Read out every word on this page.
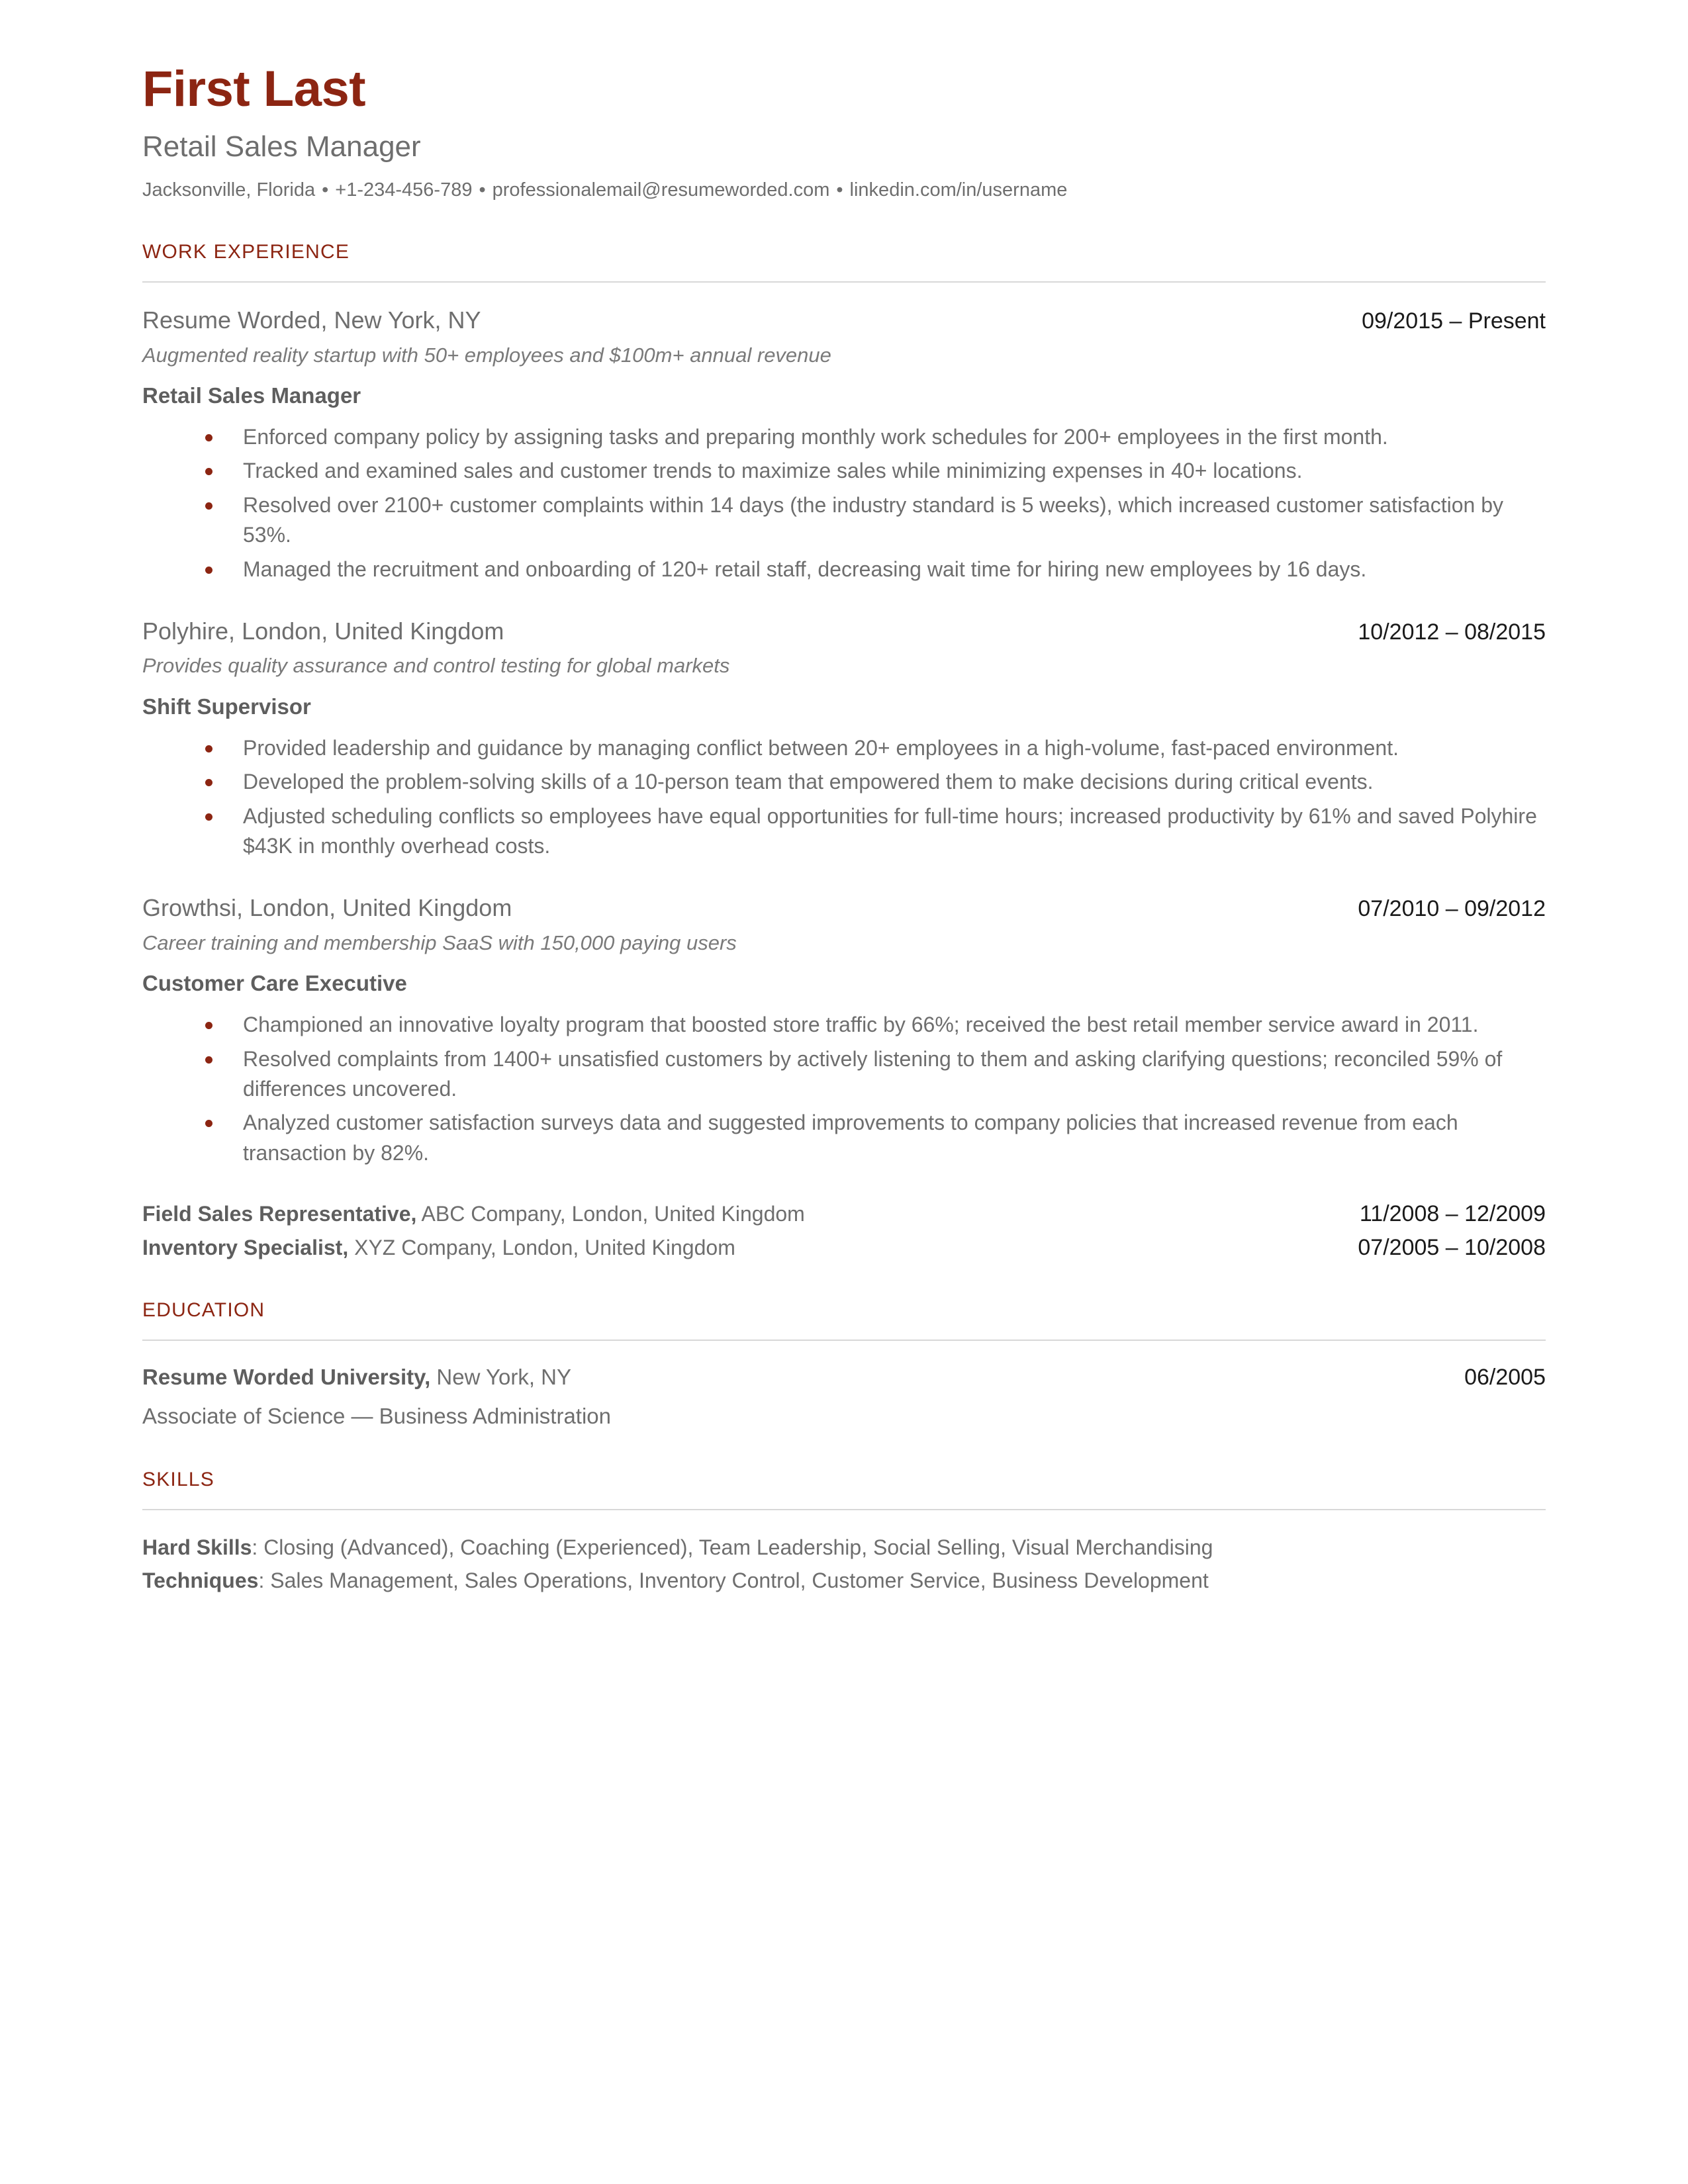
First Last
Retail Sales Manager
Jacksonville, Florida • +1-234-456-789 • professionalemail@resumeworded.com • linkedin.com/in/username
WORK EXPERIENCE
Resume Worded, New York, NY	09/2015 – Present
Augmented reality startup with 50+ employees and $100m+ annual revenue
Retail Sales Manager
Enforced company policy by assigning tasks and preparing monthly work schedules for 200+ employees in the first month.
Tracked and examined sales and customer trends to maximize sales while minimizing expenses in 40+ locations.
Resolved over 2100+ customer complaints within 14 days (the industry standard is 5 weeks), which increased customer satisfaction by 53%.
Managed the recruitment and onboarding of 120+ retail staff, decreasing wait time for hiring new employees by 16 days.
Polyhire, London, United Kingdom	10/2012 – 08/2015
Provides quality assurance and control testing for global markets
Shift Supervisor
Provided leadership and guidance by managing conflict between 20+ employees in a high-volume, fast-paced environment.
Developed the problem-solving skills of a 10-person team that empowered them to make decisions during critical events.
Adjusted scheduling conflicts so employees have equal opportunities for full-time hours; increased productivity by 61% and saved Polyhire $43K in monthly overhead costs.
Growthsi, London, United Kingdom	07/2010 – 09/2012
Career training and membership SaaS with 150,000 paying users
Customer Care Executive
Championed an innovative loyalty program that boosted store traffic by 66%; received the best retail member service award in 2011.
Resolved complaints from 1400+ unsatisfied customers by actively listening to them and asking clarifying questions; reconciled 59% of differences uncovered.
Analyzed customer satisfaction surveys data and suggested improvements to company policies that increased revenue from each transaction by 82%.
Field Sales Representative, ABC Company, London, United Kingdom	11/2008 – 12/2009
Inventory Specialist, XYZ Company, London, United Kingdom	07/2005 – 10/2008
EDUCATION
Resume Worded University, New York, NY	06/2005
Associate of Science — Business Administration
SKILLS
Hard Skills: Closing (Advanced), Coaching (Experienced), Team Leadership, Social Selling, Visual Merchandising
Techniques: Sales Management, Sales Operations, Inventory Control, Customer Service, Business Development
